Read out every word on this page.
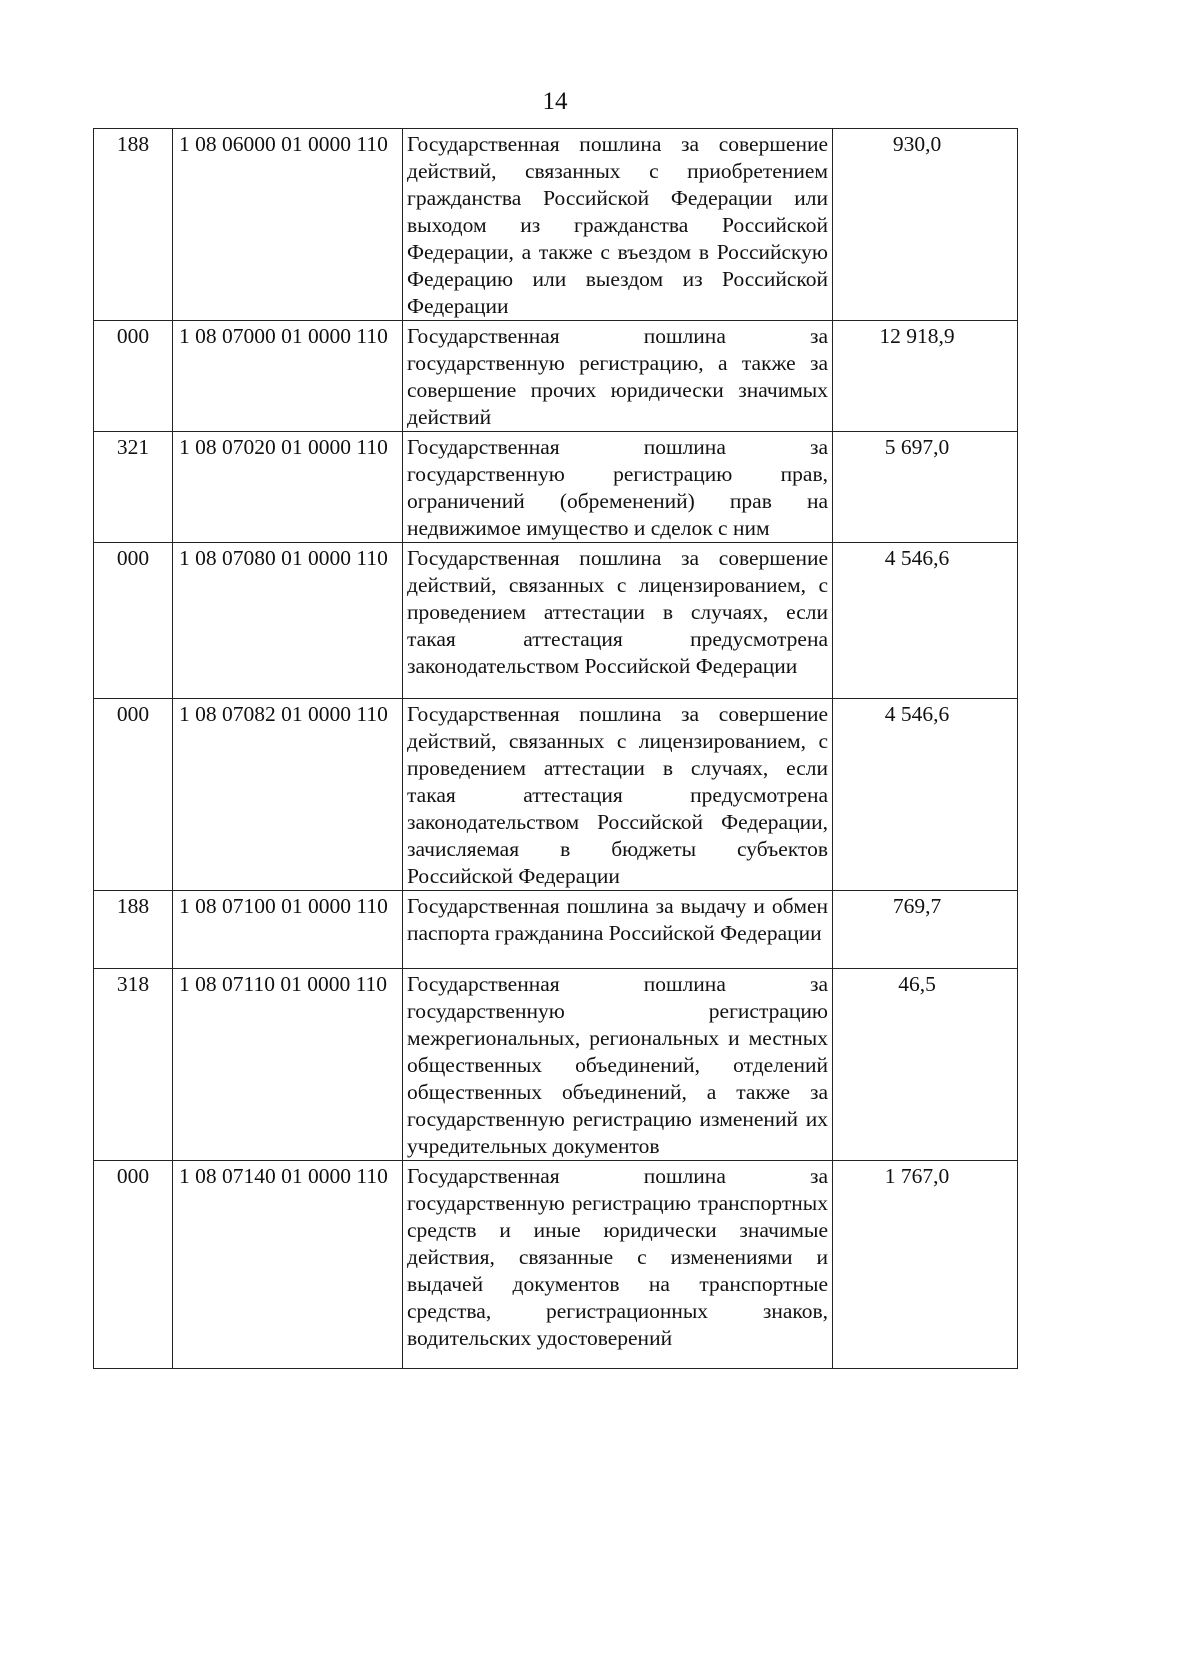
14
188	1 08 06000 01 0000 110	Государственная пошлина за совершение действий, связанных с приобретением гражданства Российской Федерации или выходом из гражданства Российской Федерации, а также с въездом в Российскую Федерацию или выездом из Российской Федерации	930,0
000	1 08 07000 01 0000 110	Государственная пошлина за государственную регистрацию, а также за совершение прочих юридически значимых действий	12 918,9
321	1 08 07020 01 0000 110	Государственная пошлина за государственную регистрацию прав, ограничений (обременений) прав на недвижимое имущество и сделок с ним	5 697,0
000	1 08 07080 01 0000 110	Государственная пошлина за совершение действий, связанных с лицензированием, с проведением аттестации в случаях, если такая аттестация предусмотрена законодательством Российской Федерации	4 546,6
000	1 08 07082 01 0000 110	Государственная пошлина за совершение действий, связанных с лицензированием, с проведением аттестации в случаях, если такая аттестация предусмотрена законодательством Российской Федерации, зачисляемая в бюджеты субъектов Российской Федерации	4 546,6
188	1 08 07100 01 0000 110	Государственная пошлина за выдачу и обмен паспорта гражданина Российской Федерации	769,7
318	1 08 07110 01 0000 110	Государственная пошлина за государственную регистрацию межрегиональных, региональных и местных общественных объединений, отделений общественных объединений, а также за государственную регистрацию изменений их учредительных документов	46,5
000	1 08 07140 01 0000 110	Государственная пошлина за государственную регистрацию транспортных средств и иные юридически значимые действия, связанные с изменениями и выдачей документов на транспортные средства, регистрационных знаков, водительских удостоверений	1 767,0
